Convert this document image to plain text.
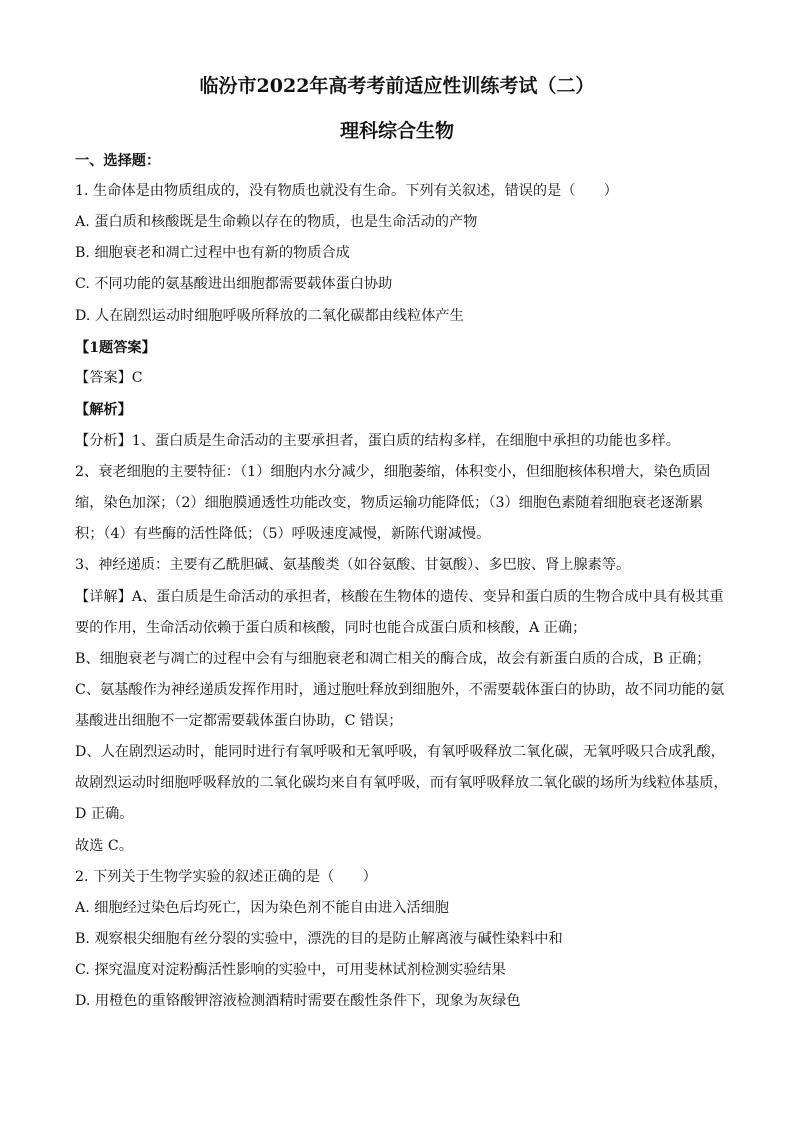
临汾市2022年高考考前适应性训练考试（二）
理科综合生物
一、选择题：
1. 生命体是由物质组成的，没有物质也就没有生命。下列有关叙述，错误的是（　　）
A. 蛋白质和核酸既是生命赖以存在的物质，也是生命活动的产物
B. 细胞衰老和凋亡过程中也有新的物质合成
C. 不同功能的氨基酸进出细胞都需要载体蛋白协助
D. 人在剧烈运动时细胞呼吸所释放的二氧化碳都由线粒体产生
【1题答案】
【答案】C
【解析】
【分析】1、蛋白质是生命活动的主要承担者，蛋白质的结构多样，在细胞中承担的功能也多样。
2、衰老细胞的主要特征：（1）细胞内水分减少，细胞萎缩，体积变小，但细胞核体积增大，染色质固
缩，染色加深；（2）细胞膜通透性功能改变，物质运输功能降低；（3）细胞色素随着细胞衰老逐渐累
积；（4）有些酶的活性降低；（5）呼吸速度减慢，新陈代谢减慢。
3、神经递质：主要有乙酰胆碱、氨基酸类（如谷氨酸、甘氨酸）、多巴胺、肾上腺素等。
【详解】A、蛋白质是生命活动的承担者，核酸在生物体的遗传、变异和蛋白质的生物合成中具有极其重
要的作用，生命活动依赖于蛋白质和核酸，同时也能合成蛋白质和核酸，A 正确；
B、细胞衰老与凋亡的过程中会有与细胞衰老和凋亡相关的酶合成，故会有新蛋白质的合成，B 正确；
C、氨基酸作为神经递质发挥作用时，通过胞吐释放到细胞外，不需要载体蛋白的协助，故不同功能的氨
基酸进出细胞不一定都需要载体蛋白协助，C 错误；
D、人在剧烈运动时，能同时进行有氧呼吸和无氧呼吸，有氧呼吸释放二氧化碳，无氧呼吸只合成乳酸，
故剧烈运动时细胞呼吸释放的二氧化碳均来自有氧呼吸，而有氧呼吸释放二氧化碳的场所为线粒体基质，
D 正确。
故选 C。
2. 下列关于生物学实验的叙述正确的是（　　）
A. 细胞经过染色后均死亡，因为染色剂不能自由进入活细胞
B. 观察根尖细胞有丝分裂的实验中，漂洗的目的是防止解离液与碱性染料中和
C. 探究温度对淀粉酶活性影响的实验中，可用斐林试剂检测实验结果
D. 用橙色的重铬酸钾溶液检测酒精时需要在酸性条件下，现象为灰绿色
